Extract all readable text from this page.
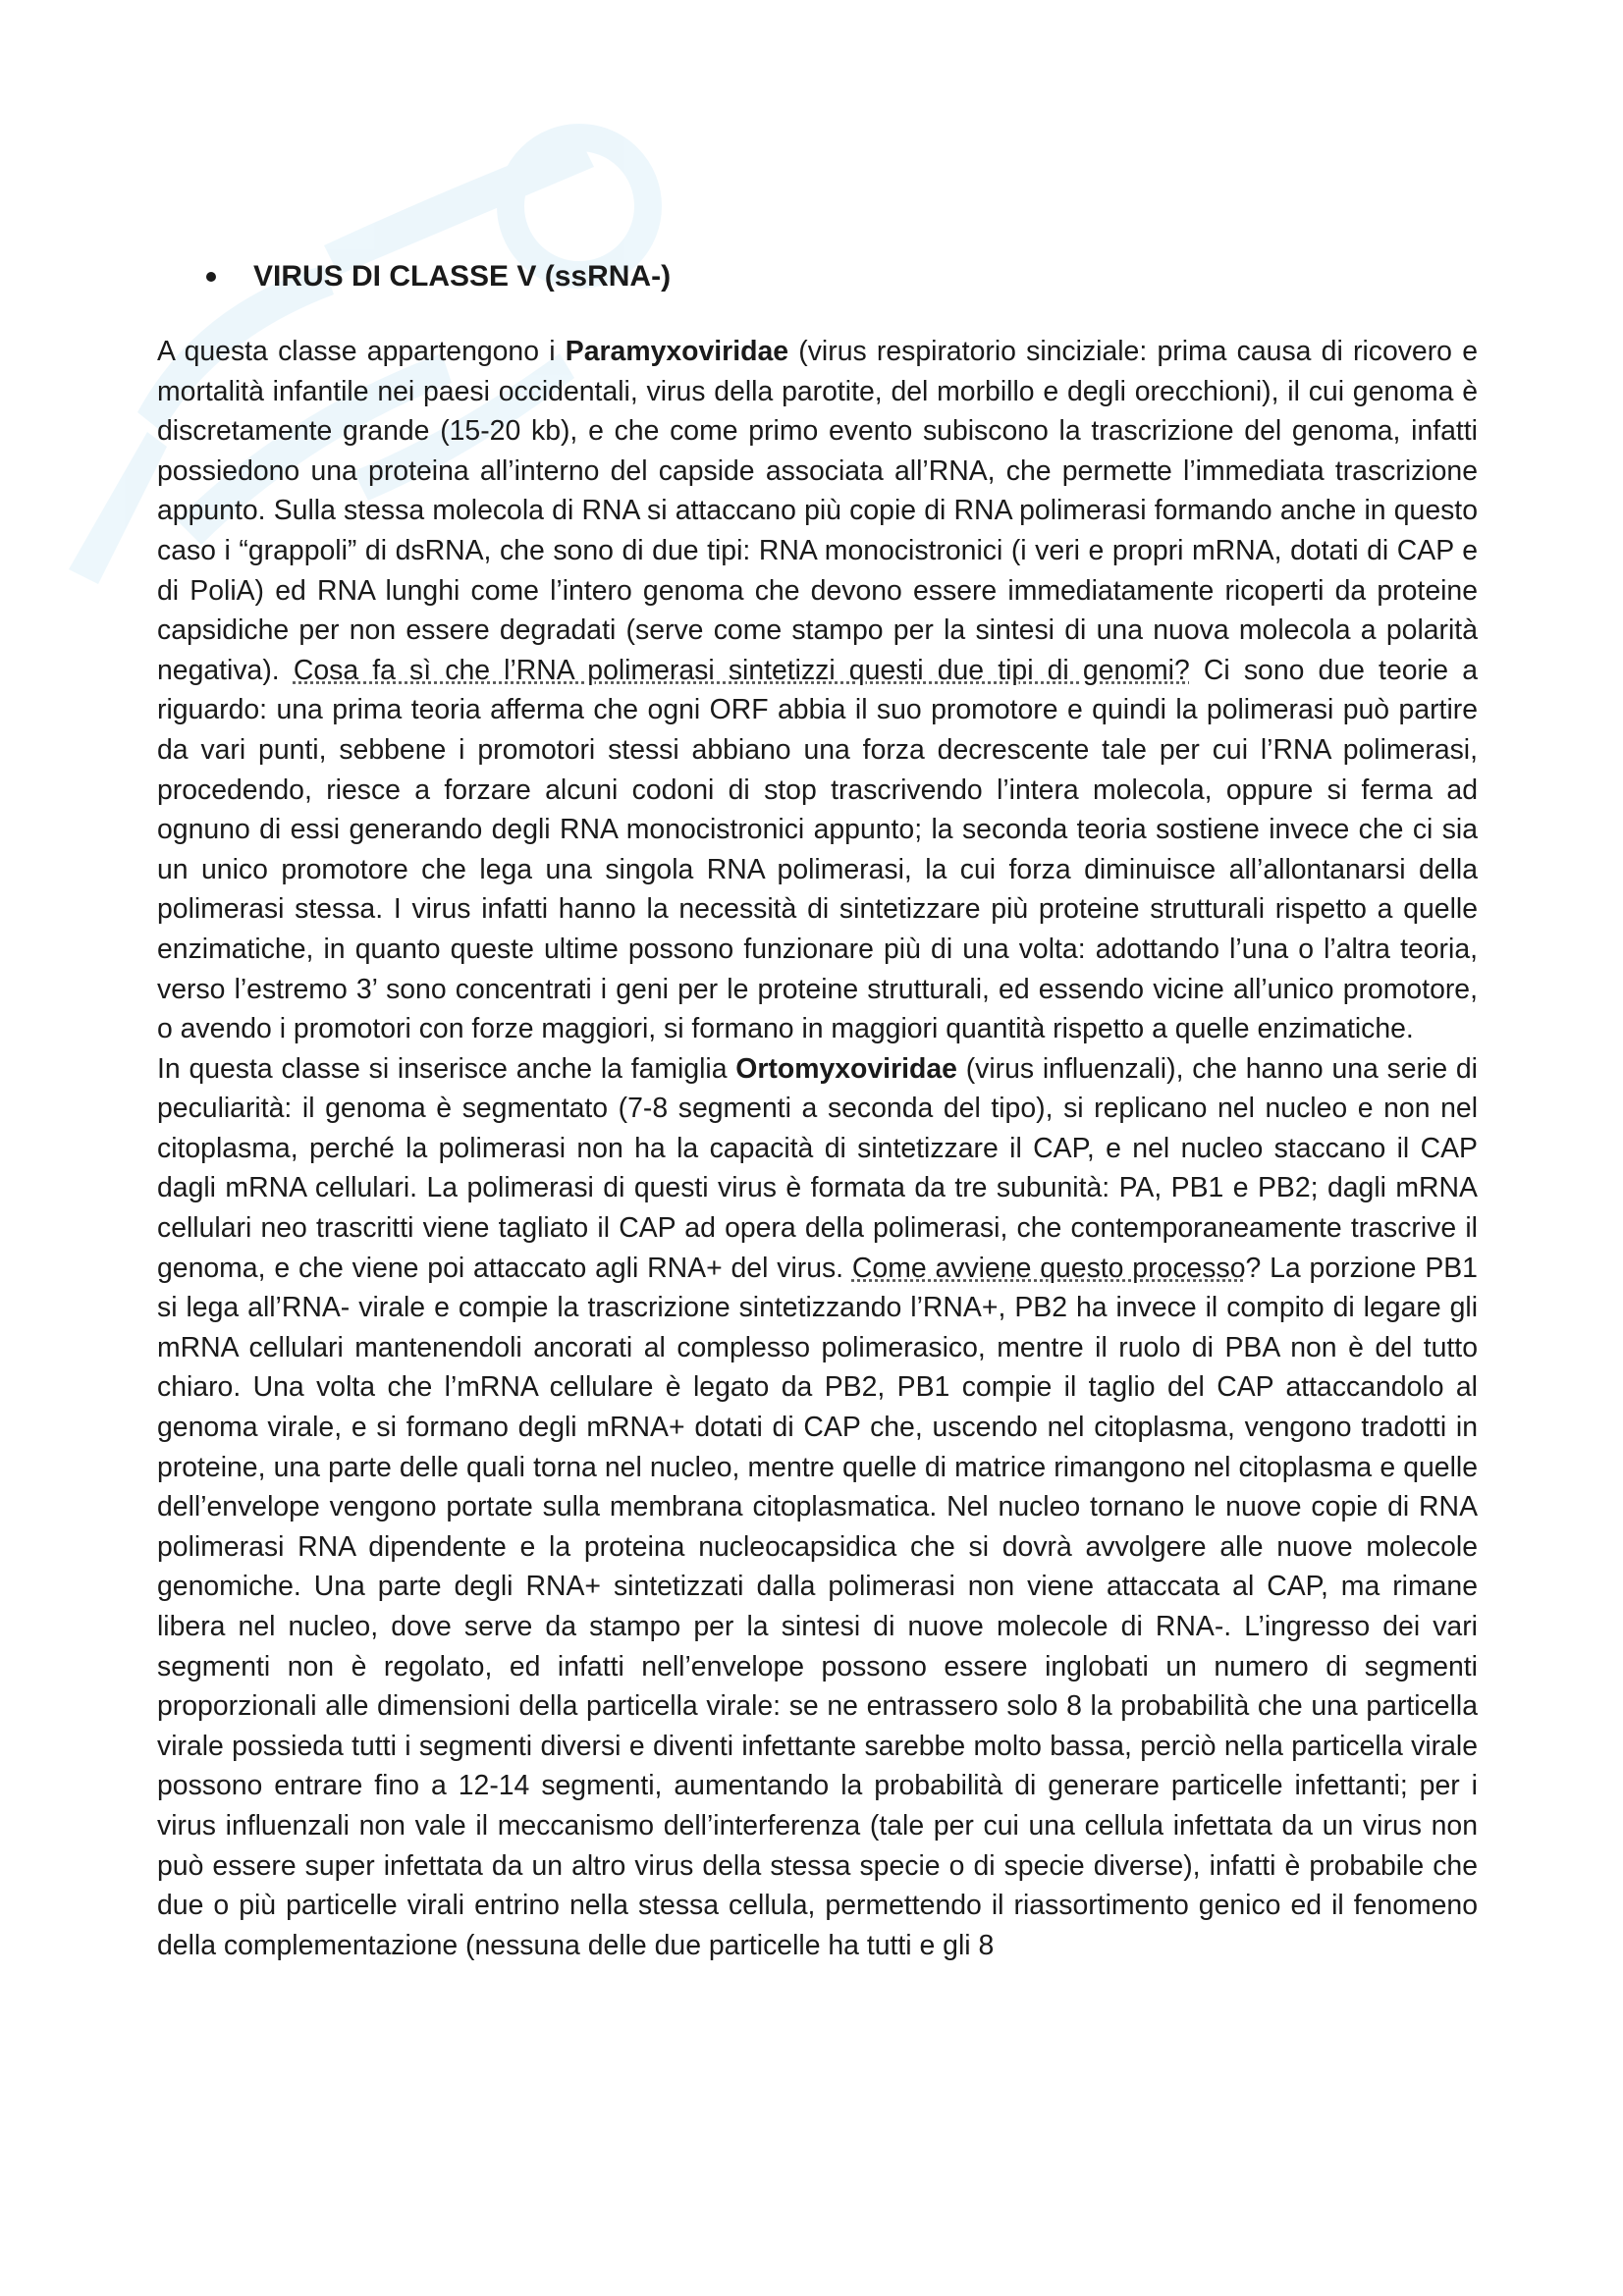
VIRUS DI CLASSE V (ssRNA-)

A questa classe appartengono i Paramyxoviridae (virus respiratorio sinciziale: prima causa di ricovero e mortalità infantile nei paesi occidentali, virus della parotite, del morbillo e degli orecchioni), il cui genoma è discretamente grande (15-20 kb), e che come primo evento subiscono la trascrizione del genoma, infatti possiedono una proteina all’interno del capside associata all’RNA, che permette l’immediata trascrizione appunto. Sulla stessa molecola di RNA si attaccano più copie di RNA polimerasi formando anche in questo caso i “grappoli” di dsRNA, che sono di due tipi: RNA monocistronici (i veri e propri mRNA, dotati di CAP e di PoliA) ed RNA lunghi come l’intero genoma che devono essere immediatamente ricoperti da proteine capsidiche per non essere degradati (serve come stampo per la sintesi di una nuova molecola a polarità negativa). Cosa fa sì che l’RNA polimerasi sintetizzi questi due tipi di genomi? Ci sono due teorie a riguardo: una prima teoria afferma che ogni ORF abbia il suo promotore e quindi la polimerasi può partire da vari punti, sebbene i promotori stessi abbiano una forza decrescente tale per cui l’RNA polimerasi, procedendo, riesce a forzare alcuni codoni di stop trascrivendo l’intera molecola, oppure si ferma ad ognuno di essi generando degli RNA monocistronici appunto; la seconda teoria sostiene invece che ci sia un unico promotore che lega una singola RNA polimerasi, la cui forza diminuisce all’allontanarsi della polimerasi stessa. I virus infatti hanno la necessità di sintetizzare più proteine strutturali rispetto a quelle enzimatiche, in quanto queste ultime possono funzionare più di una volta: adottando l’una o l’altra teoria, verso l’estremo 3’ sono concentrati i geni per le proteine strutturali, ed essendo vicine all’unico promotore, o avendo i promotori con forze maggiori, si formano in maggiori quantità rispetto a quelle enzimatiche.

In questa classe si inserisce anche la famiglia Ortomyxoviridae (virus influenzali), che hanno una serie di peculiarità: il genoma è segmentato (7-8 segmenti a seconda del tipo), si replicano nel nucleo e non nel citoplasma, perché la polimerasi non ha la capacità di sintetizzare il CAP, e nel nucleo staccano il CAP dagli mRNA cellulari. La polimerasi di questi virus è formata da tre subunità: PA, PB1 e PB2; dagli mRNA cellulari neo trascritti viene tagliato il CAP ad opera della polimerasi, che contemporaneamente trascrive il genoma, e che viene poi attaccato agli RNA+ del virus. Come avviene questo processo? La porzione PB1 si lega all’RNA- virale e compie la trascrizione sintetizzando l’RNA+, PB2 ha invece il compito di legare gli mRNA cellulari mantenendoli ancorati al complesso polimerasico, mentre il ruolo di PBA non è del tutto chiaro. Una volta che l’mRNA cellulare è legato da PB2, PB1 compie il taglio del CAP attaccandolo al genoma virale, e si formano degli mRNA+ dotati di CAP che, uscendo nel citoplasma, vengono tradotti in proteine, una parte delle quali torna nel nucleo, mentre quelle di matrice rimangono nel citoplasma e quelle dell’envelope vengono portate sulla membrana citoplasmatica. Nel nucleo tornano le nuove copie di RNA polimerasi RNA dipendente e la proteina nucleocapsidica che si dovrà avvolgere alle nuove molecole genomiche. Una parte degli RNA+ sintetizzati dalla polimerasi non viene attaccata al CAP, ma rimane libera nel nucleo, dove serve da stampo per la sintesi di nuove molecole di RNA-. L’ingresso dei vari segmenti non è regolato, ed infatti nell’envelope possono essere inglobati un numero di segmenti proporzionali alle dimensioni della particella virale: se ne entrassero solo 8 la probabilità che una particella virale possieda tutti i segmenti diversi e diventi infettante sarebbe molto bassa, perciò nella particella virale possono entrare fino a 12-14 segmenti, aumentando la probabilità di generare particelle infettanti; per i virus influenzali non vale il meccanismo dell’interferenza (tale per cui una cellula infettata da un virus non può essere super infettata da un altro virus della stessa specie o di specie diverse), infatti è probabile che due o più particelle virali entrino nella stessa cellula, permettendo il riassortimento genico ed il fenomeno della complementazione (nessuna delle due particelle ha tutti e gli 8
